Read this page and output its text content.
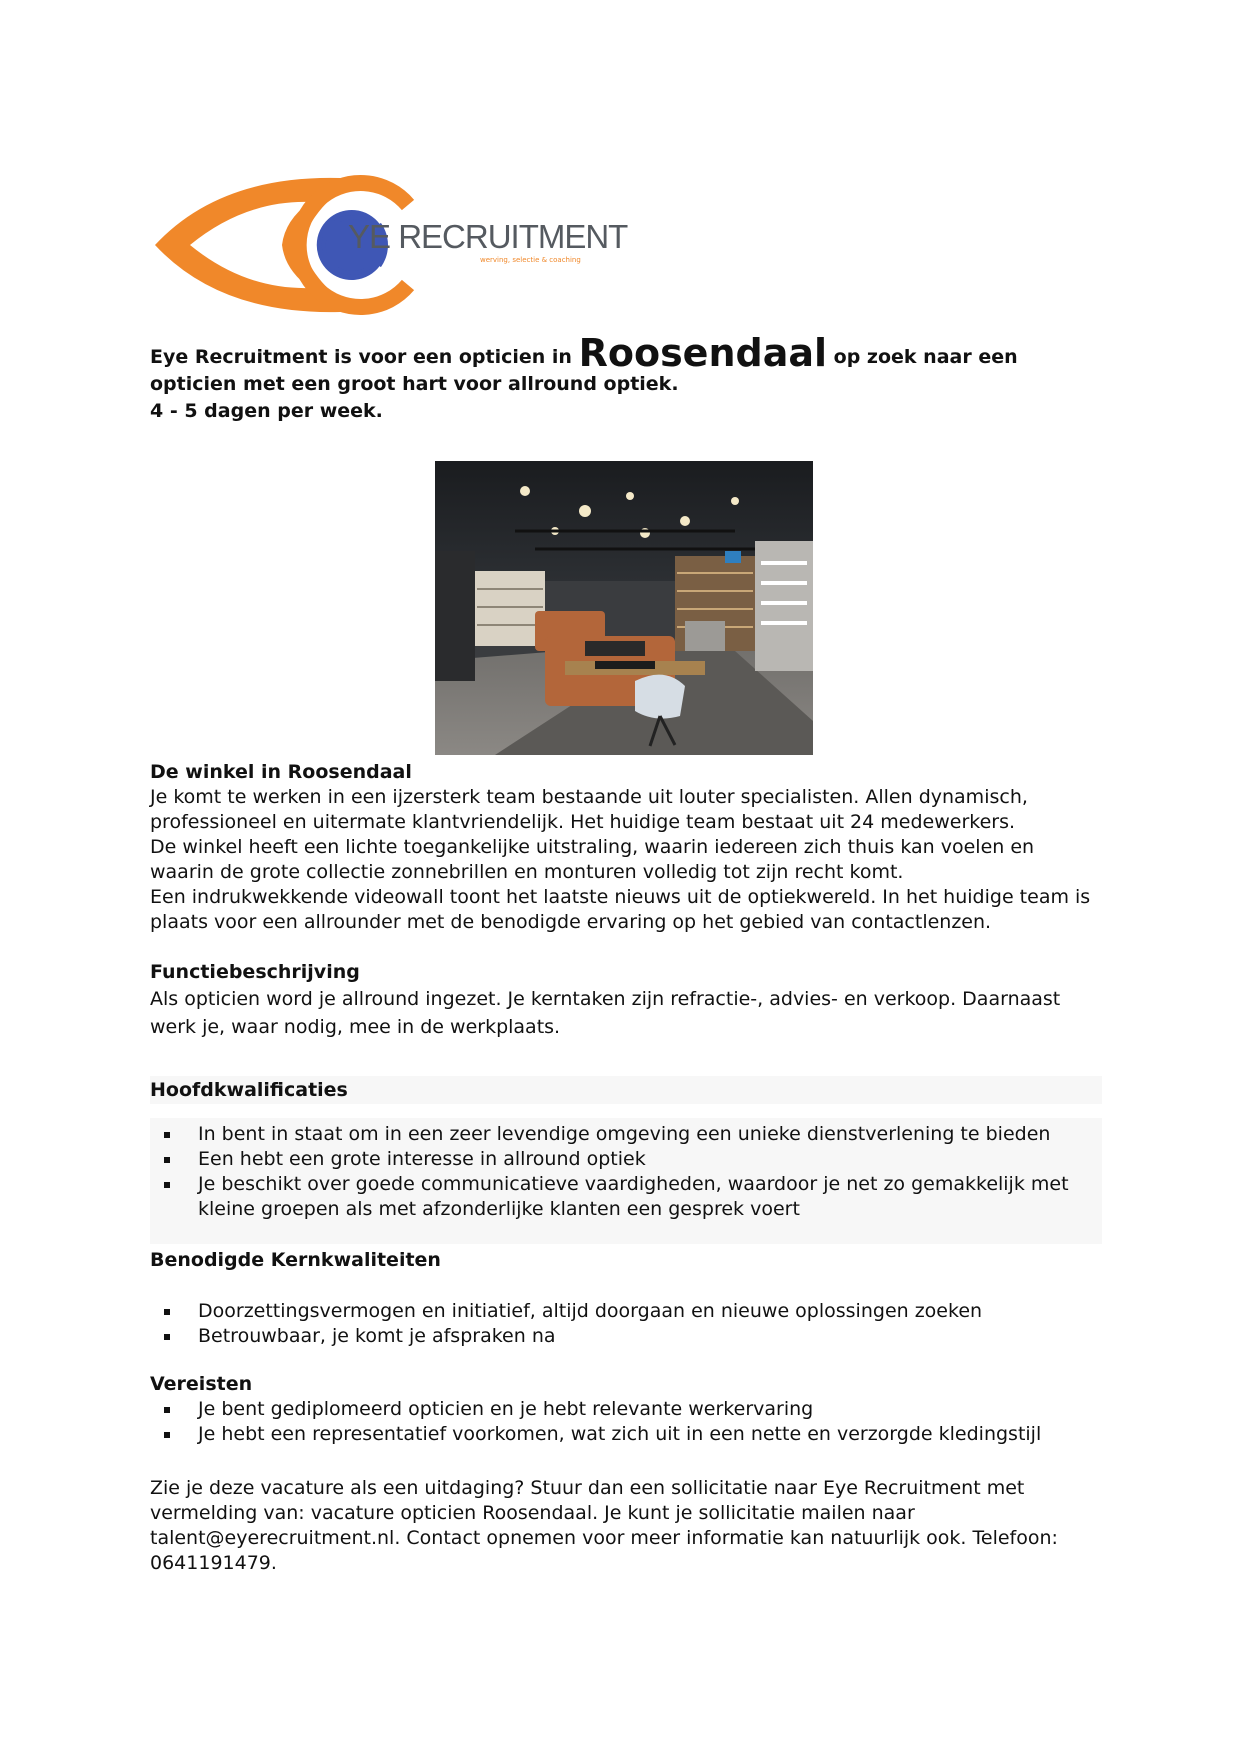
YE RECRUITMENT
werving, selectie & coaching

Eye Recruitment is voor een opticien in Roosendaal op zoek naar een

opticien met een groot hart voor allround optiek.

4 - 5 dagen per week.

De winkel in Roosendaal

Je komt te werken in een ijzersterk team bestaande uit louter specialisten. Allen dynamisch,

professioneel en uitermate klantvriendelijk. Het huidige team bestaat uit 24 medewerkers.

De winkel heeft een lichte toegankelijke uitstraling, waarin iedereen zich thuis kan voelen en

waarin de grote collectie zonnebrillen en monturen volledig tot zijn recht komt.

Een indrukwekkende videowall toont het laatste nieuws uit de optiekwereld. In het huidige team is

plaats voor een allrounder met de benodigde ervaring op het gebied van contactlenzen.

Functiebeschrijving

Als opticien word je allround ingezet. Je kerntaken zijn refractie-, advies- en verkoop. Daarnaast

werk je, waar nodig, mee in de werkplaats.

Hoofdkwalificaties

In bent in staat om in een zeer levendige omgeving een unieke dienstverlening te bieden
Een hebt een grote interesse in allround optiek
Je beschikt over goede communicatieve vaardigheden, waardoor je net zo gemakkelijk met
kleine groepen als met afzonderlijke klanten een gesprek voert

Benodigde Kernkwaliteiten

Doorzettingsvermogen en initiatief, altijd doorgaan en nieuwe oplossingen zoeken
Betrouwbaar, je komt je afspraken na

Vereisten

Je bent gediplomeerd opticien en je hebt relevante werkervaring
Je hebt een representatief voorkomen, wat zich uit in een nette en verzorgde kledingstijl

Zie je deze vacature als een uitdaging? Stuur dan een sollicitatie naar Eye Recruitment met

vermelding van: vacature opticien Roosendaal. Je kunt je sollicitatie mailen naar

talent@eyerecruitment.nl. Contact opnemen voor meer informatie kan natuurlijk ook. Telefoon:

0641191479.
